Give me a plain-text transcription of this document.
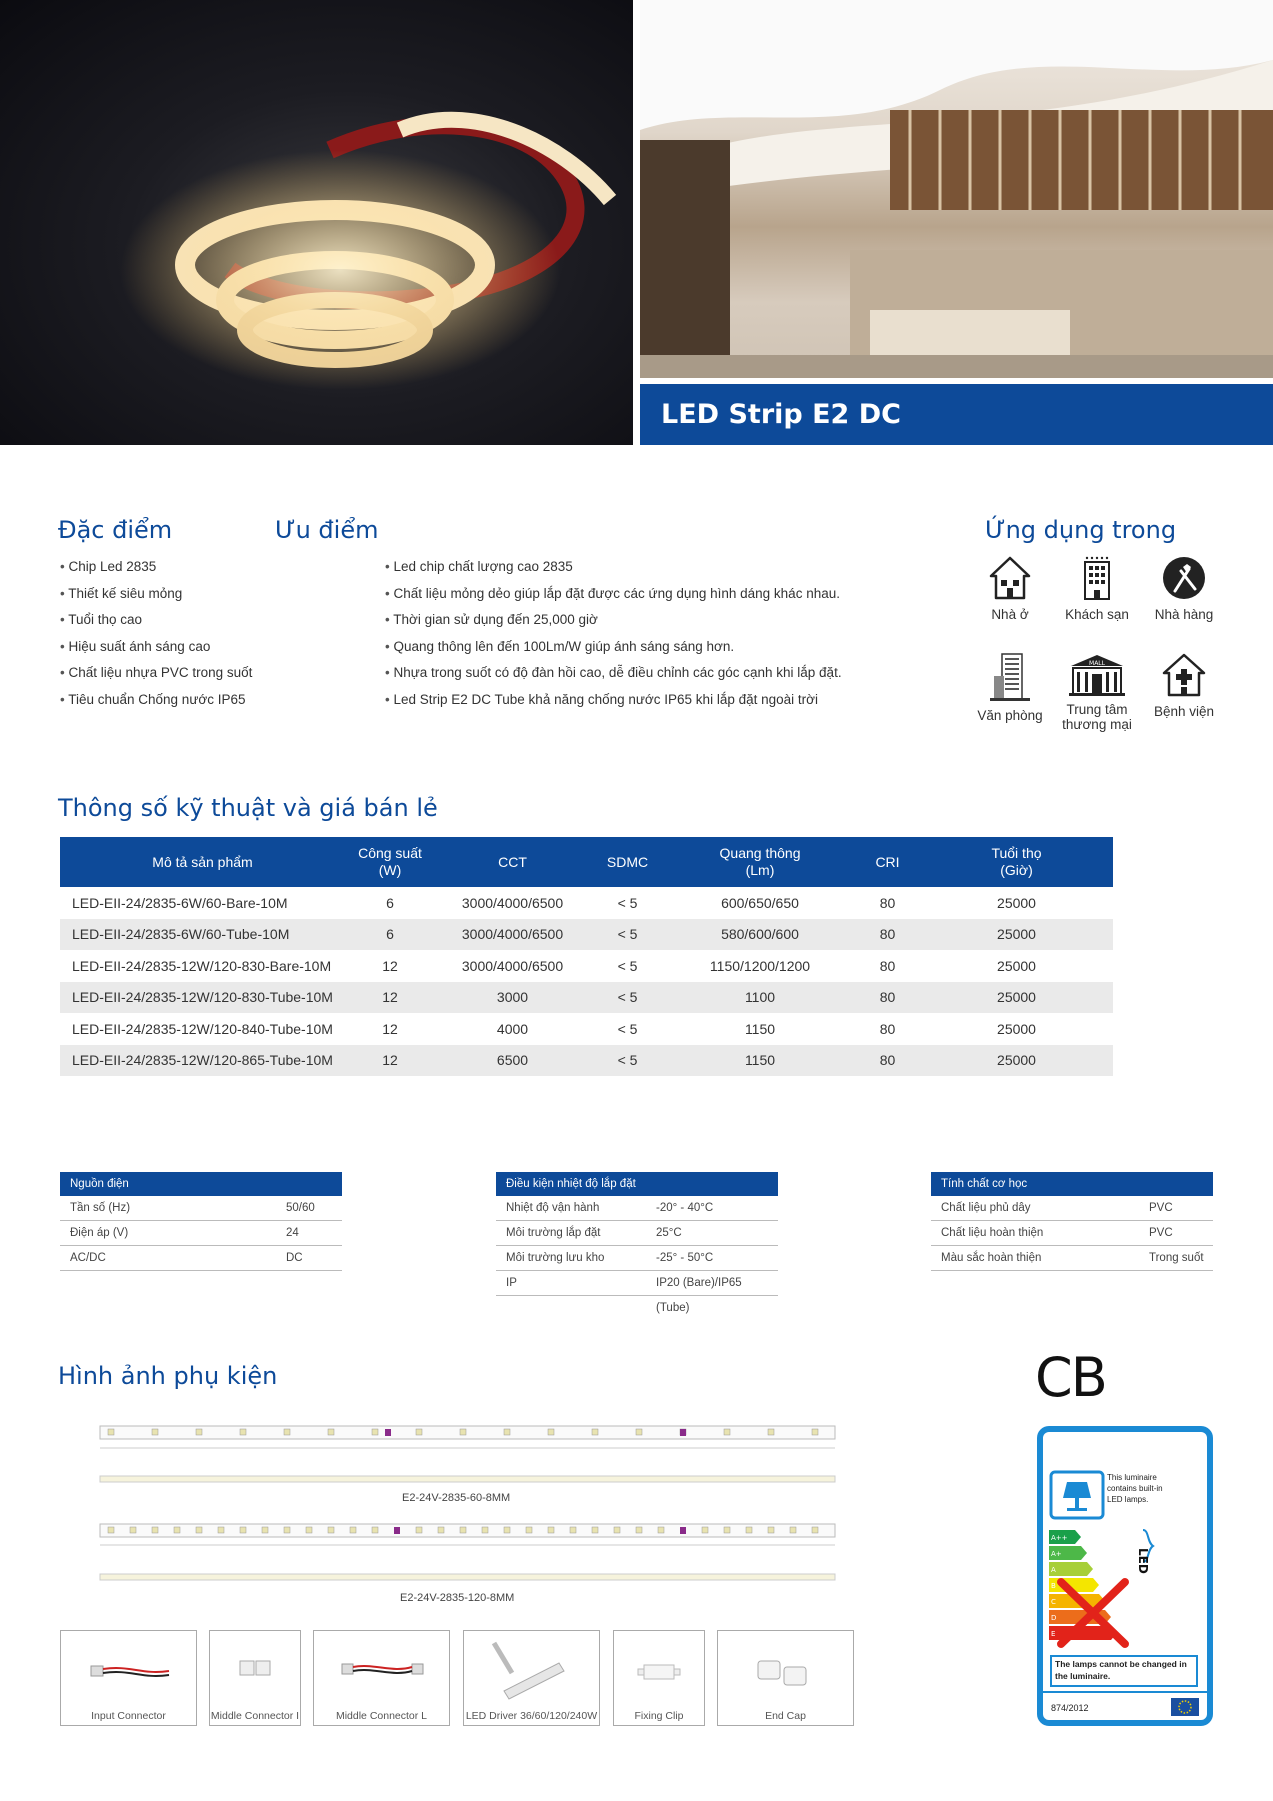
LED Strip E2 DC
Đặc điểm
• Chip Led 2835
• Thiết kế siêu mỏng
• Tuổi thọ cao
• Hiệu suất ánh sáng cao
• Chất liệu nhựa PVC trong suốt
• Tiêu chuẩn Chống nước IP65
Ưu điểm
• Led chip chất lượng cao 2835
• Chất liệu mỏng dẻo giúp lắp đặt được các ứng dụng hình dáng khác nhau.
• Thời gian sử dụng đến 25,000 giờ
• Quang thông lên đến 100Lm/W giúp ánh sáng sáng hơn.
• Nhựa trong suốt có độ đàn hồi cao, dễ điều chỉnh các góc cạnh khi lắp đặt.
• Led Strip E2 DC Tube khả năng chống nước IP65 khi lắp đặt ngoài trời
Ứng dụng trong
Nhà ở	Khách sạn	Nhà hàng
Văn phòng
MALL
Trung tâm thương mại
Bệnh viện
Thông số kỹ thuật và giá bán lẻ
Mô tả sản phẩm	Công suất
(W)	CCT	SDMC	Quang thông
(Lm)	CRI	Tuổi thọ
(Giờ)
LED-EII-24/2835-6W/60-Bare-10M	6	3000/4000/6500	< 5	600/650/650	80	25000
LED-EII-24/2835-6W/60-Tube-10M	6	3000/4000/6500	< 5	580/600/600	80	25000
LED-EII-24/2835-12W/120-830-Bare-10M	12	3000/4000/6500	< 5	1150/1200/1200	80	25000
LED-EII-24/2835-12W/120-830-Tube-10M	12	3000	< 5	1100	80	25000
LED-EII-24/2835-12W/120-840-Tube-10M	12	4000	< 5	1150	80	25000
LED-EII-24/2835-12W/120-865-Tube-10M	12	6500	< 5	1150	80	25000
Nguồn điện
Tần số (Hz)	50/60
Điện áp (V)	24
AC/DC	DC
Điều kiện nhiệt độ lắp đặt
Nhiệt độ vận hành	-20° - 40°C
Môi trường lắp đặt	25°C
Môi trường lưu kho	-25° - 50°C
IP	IP20 (Bare)/IP65 (Tube)
Tính chất cơ học
Chất liệu phủ dây	PVC
Chất liệu hoàn thiện	PVC
Màu sắc hoàn thiện	Trong suốt
Hình ảnh phụ kiện
E2-24V-2835-60-8MM
E2-24V-2835-120-8MM
Input Connector	Middle Connector I	Middle Connector L	LED Driver 36/60/120/240W	Fixing Clip	End Cap
CB
This luminaire contains built-in LED lamps.
A++
A+
A
B
C
D
E
LED
The lamps cannot be changed in the luminaire.
874/2012
